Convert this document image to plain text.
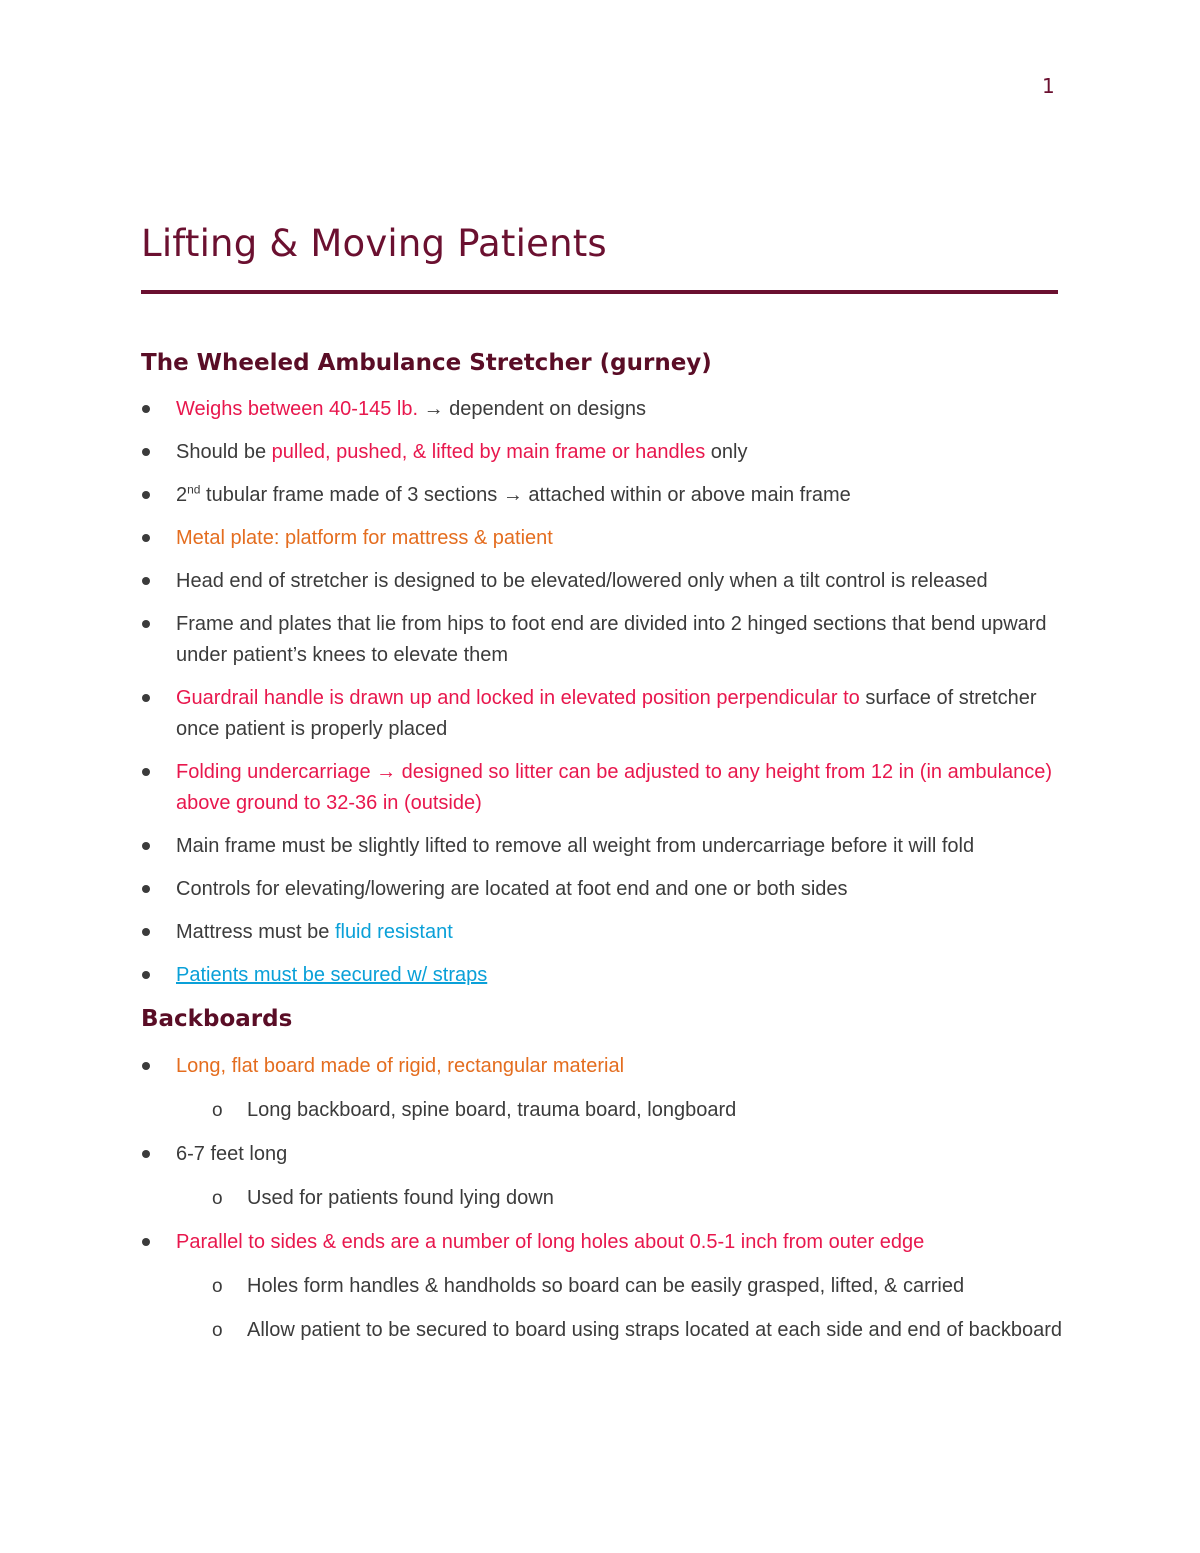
1
Lifting & Moving Patients
The Wheeled Ambulance Stretcher (gurney)
Weighs between 40-145 lb. → dependent on designs
Should be pulled, pushed, & lifted by main frame or handles only
2nd tubular frame made of 3 sections → attached within or above main frame
Metal plate: platform for mattress & patient
Head end of stretcher is designed to be elevated/lowered only when a tilt control is released
Frame and plates that lie from hips to foot end are divided into 2 hinged sections that bend upward under patient’s knees to elevate them
Guardrail handle is drawn up and locked in elevated position perpendicular to surface of stretcher once patient is properly placed
Folding undercarriage → designed so litter can be adjusted to any height from 12 in (in ambulance) above ground to 32-36 in (outside)
Main frame must be slightly lifted to remove all weight from undercarriage before it will fold
Controls for elevating/lowering are located at foot end and one or both sides
Mattress must be fluid resistant
Patients must be secured w/ straps
Backboards
Long, flat board made of rigid, rectangular material
o Long backboard, spine board, trauma board, longboard
6-7 feet long
o Used for patients found lying down
Parallel to sides & ends are a number of long holes about 0.5-1 inch from outer edge
o Holes form handles & handholds so board can be easily grasped, lifted, & carried
o Allow patient to be secured to board using straps located at each side and end of backboard
